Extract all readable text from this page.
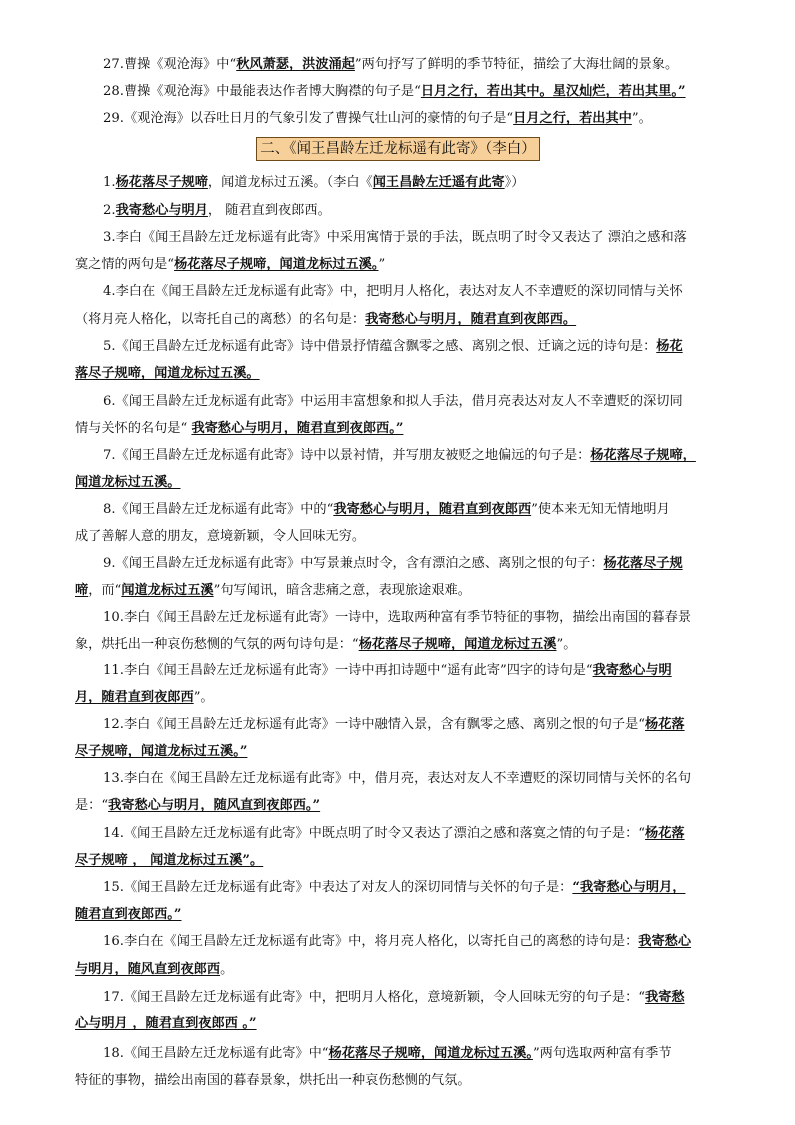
二、《闻王昌龄左迁龙标遥有此寄》（李白）
27.曹操《观沧海》中“秋风萧瑟，洪波涌起”两句抒写了鲜明的季节特征，描绘了大海壮阔的景象。
28.曹操《观沧海》中最能表达作者博大胸襟的句子是“日月之行，若出其中。星汉灿烂，若出其里。”
29.《观沧海》以吞吐日月的气象引发了曹操气壮山河的豪情的句子是“日月之行，若出其中”。
1.杨花落尽子规啼，闻道龙标过五溪。（李白《闻王昌龄左迁遥有此寄》）
2.我寄愁心与明月， 随君直到夜郎西。
3.李白《闻王昌龄左迁龙标遥有此寄》中采用寓情于景的手法，既点明了时令又表达了 漂泊之感和落
寞之情的两句是“杨花落尽子规啼，闻道龙标过五溪。”
4.李白在《闻王昌龄左迁龙标遥有此寄》中，把明月人格化，表达对友人不幸遭贬的深切同情与关怀
（将月亮人格化，以寄托自己的离愁）的名句是：我寄愁心与明月，随君直到夜郎西。
5.《闻王昌龄左迁龙标遥有此寄》诗中借景抒情蕴含飘零之感、离别之恨、迁谪之远的诗句是：杨花
落尽子规啼，闻道龙标过五溪。
6.《闻王昌龄左迁龙标遥有此寄》中运用丰富想象和拟人手法，借月亮表达对友人不幸遭贬的深切同
情与关怀的名句是“ 我寄愁心与明月，随君直到夜郎西。”
7.《闻王昌龄左迁龙标遥有此寄》诗中以景衬情，并写朋友被贬之地偏远的句子是：杨花落尽子规啼，
闻道龙标过五溪。
8.《闻王昌龄左迁龙标遥有此寄》中的“我寄愁心与明月，随君直到夜郎西”使本来无知无情地明月
成了善解人意的朋友，意境新颖，令人回味无穷。
9.《闻王昌龄左迁龙标遥有此寄》中写景兼点时令，含有漂泊之感、离别之恨的句子：杨花落尽子规
啼，而“闻道龙标过五溪”句写闻讯，暗含悲痛之意，表现旅途艰难。
10.李白《闻王昌龄左迁龙标遥有此寄》一诗中，选取两种富有季节特征的事物，描绘出南国的暮春景
象，烘托出一种哀伤愁恻的气氛的两句诗句是：“杨花落尽子规啼，闻道龙标过五溪”。
11.李白《闻王昌龄左迁龙标遥有此寄》一诗中再扣诗题中“遥有此寄”四字的诗句是“我寄愁心与明
月，随君直到夜郎西”。
12.李白《闻王昌龄左迁龙标遥有此寄》一诗中融情入景，含有飘零之感、离别之恨的句子是“杨花落
尽子规啼，闻道龙标过五溪。”
13.李白在《闻王昌龄左迁龙标遥有此寄》中，借月亮，表达对友人不幸遭贬的深切同情与关怀的名句
是：“我寄愁心与明月，随风直到夜郎西。”
14.《闻王昌龄左迁龙标遥有此寄》中既点明了时令又表达了漂泊之感和落寞之情的句子是：“杨花落
尽子规啼 ， 闻道龙标过五溪”。
15.《闻王昌龄左迁龙标遥有此寄》中表达了对友人的深切同情与关怀的句子是：“我寄愁心与明月，
随君直到夜郎西。”
16.李白在《闻王昌龄左迁龙标遥有此寄》中，将月亮人格化，以寄托自己的离愁的诗句是：我寄愁心
与明月，随风直到夜郎西。
17.《闻王昌龄左迁龙标遥有此寄》中，把明月人格化，意境新颖，令人回味无穷的句子是：“我寄愁
心与明月 ，随君直到夜郎西 。”
18.《闻王昌龄左迁龙标遥有此寄》中“杨花落尽子规啼，闻道龙标过五溪。”两句选取两种富有季节
特征的事物，描绘出南国的暮春景象，烘托出一种哀伤愁恻的气氛。
